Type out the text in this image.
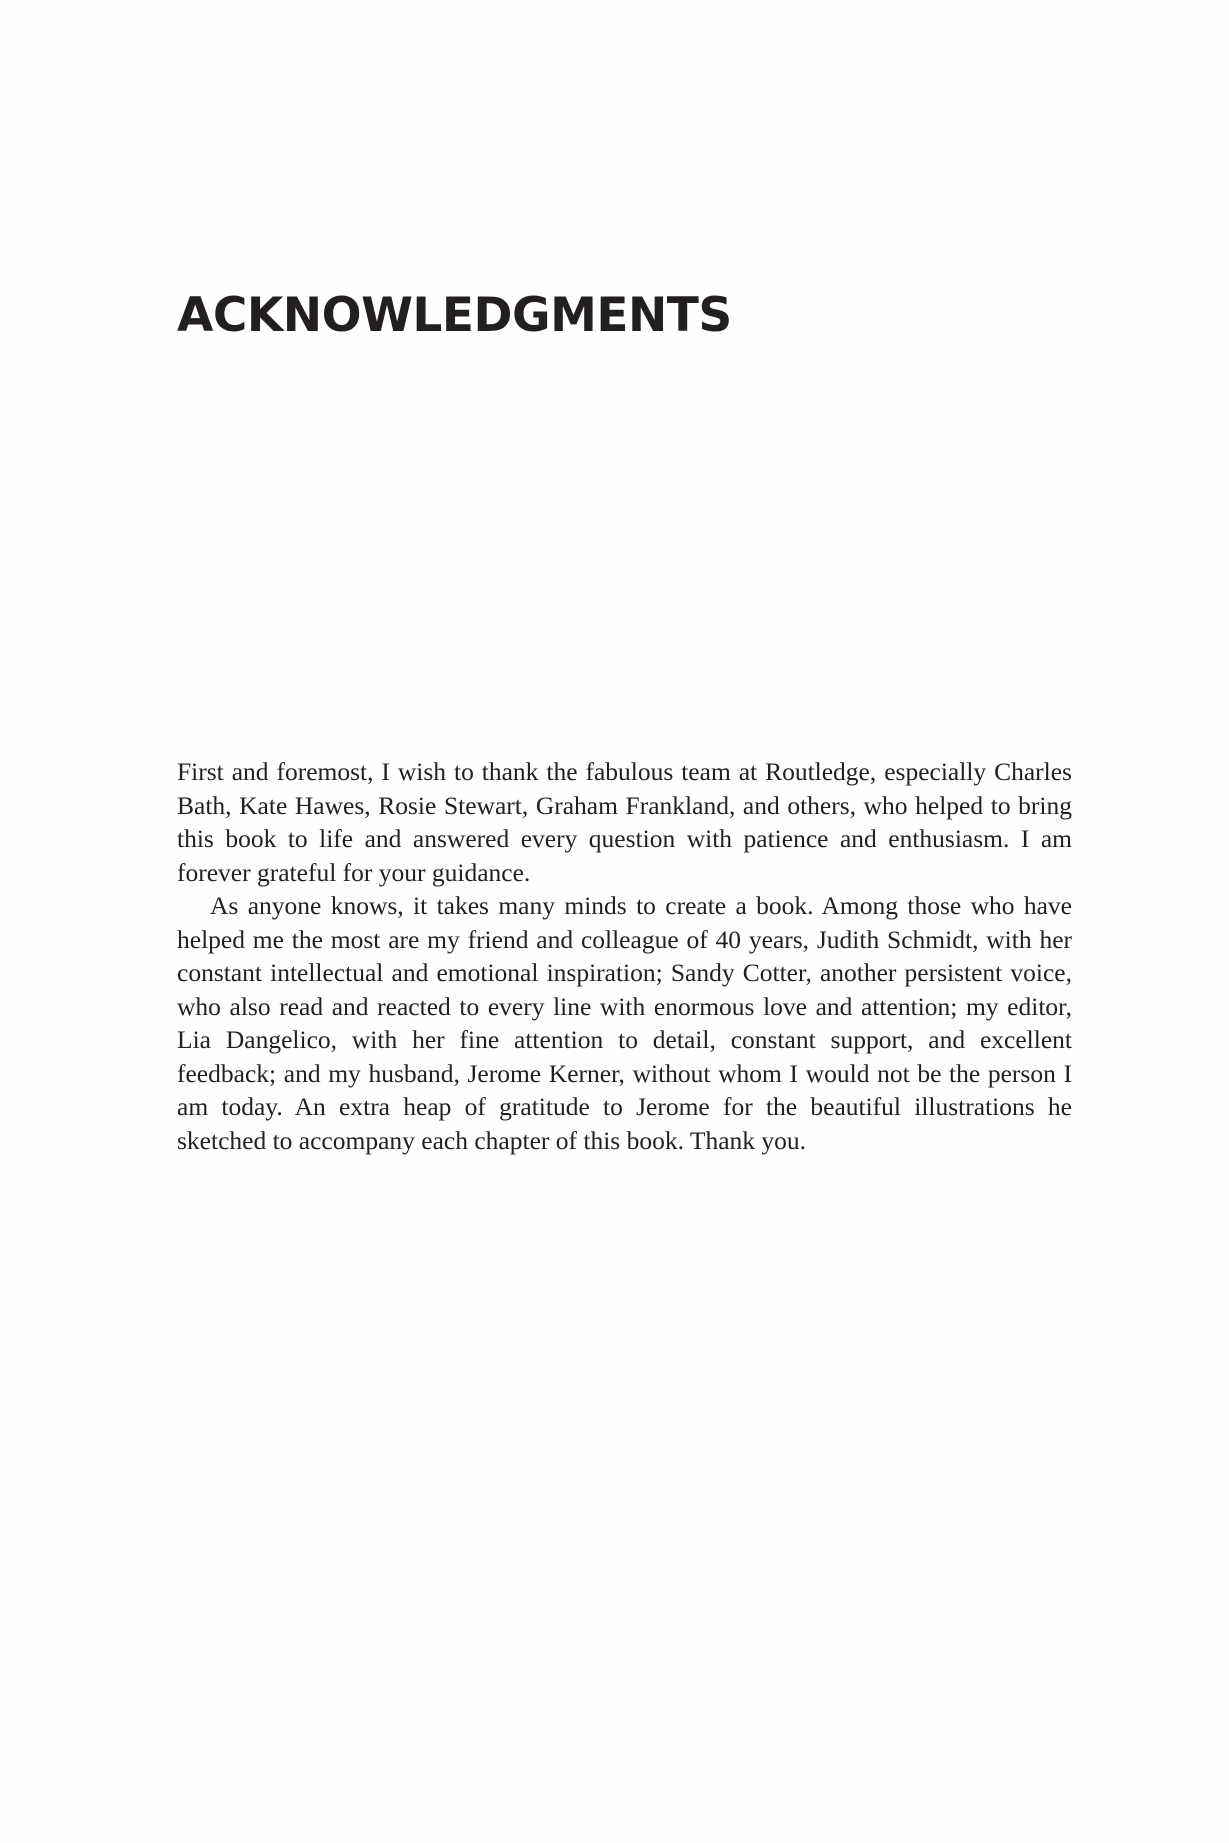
ACKNOWLEDGMENTS

First and foremost, I wish to thank the fabulous team at Routledge, especially Charles Bath, Kate Hawes, Rosie Stewart, Graham Frankland, and others, who helped to bring this book to life and answered every question with patience and enthusiasm. I am forever grateful for your guidance.

As anyone knows, it takes many minds to create a book. Among those who have helped me the most are my friend and colleague of 40 years, Judith Schmidt, with her constant intellectual and emotional inspiration; Sandy Cotter, another persistent voice, who also read and reacted to every line with enormous love and attention; my editor, Lia Dangelico, with her fine attention to detail, constant support, and excellent feedback; and my husband, Jerome Kerner, without whom I would not be the person I am today. An extra heap of gratitude to Jerome for the beautiful illustrations he sketched to accompany each chapter of this book. Thank you.
